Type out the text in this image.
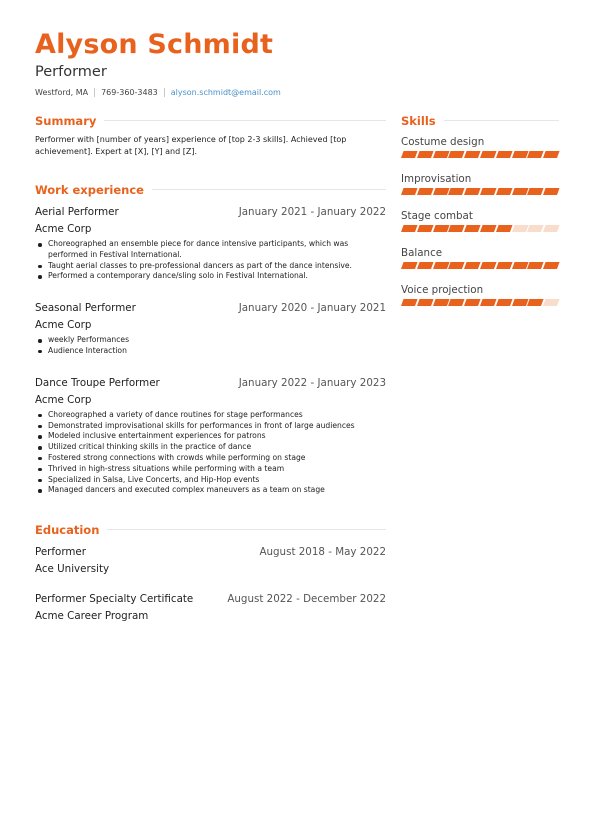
Alyson Schmidt
Performer
Westford, MA 769-360-3483 alyson.schmidt@email.com
Summary
Performer with [number of years] experience of [top 2-3 skills]. Achieved [top achievement]. Expert at [X], [Y] and [Z].
Work experience
Aerial Performer	January 2021 - January 2022
Acme Corp
Choreographed an ensemble piece for dance intensive participants, which was performed in Festival International.
Taught aerial classes to pre-professional dancers as part of the dance intensive.
Performed a contemporary dance/sling solo in Festival International.
Seasonal Performer	January 2020 - January 2021
Acme Corp
weekly Performances
Audience Interaction
Dance Troupe Performer	January 2022 - January 2023
Acme Corp
Choreographed a variety of dance routines for stage performances
Demonstrated improvisational skills for performances in front of large audiences
Modeled inclusive entertainment experiences for patrons
Utilized critical thinking skills in the practice of dance
Fostered strong connections with crowds while performing on stage
Thrived in high-stress situations while performing with a team
Specialized in Salsa, Live Concerts, and Hip-Hop events
Managed dancers and executed complex maneuvers as a team on stage
Education
Performer	August 2018 - May 2022
Ace University
Performer Specialty Certificate	August 2022 - December 2022
Acme Career Program
Skills
Costume design
Improvisation
Stage combat
Balance
Voice projection
